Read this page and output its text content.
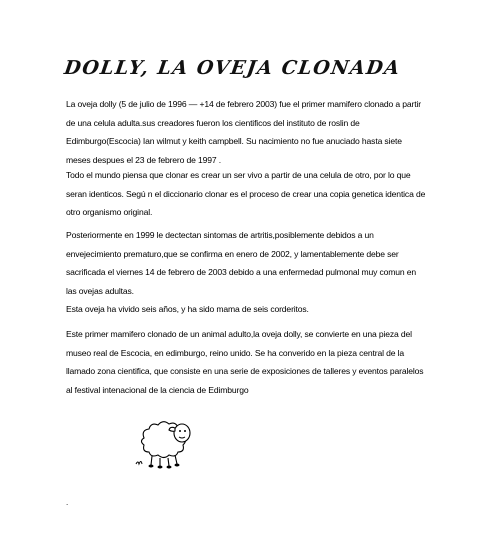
DOLLY, LA OVEJA CLONADA

La oveja dolly (5 de julio de 1996 — +14 de febrero 2003) fue el primer mamifero clonado a partir de una celula adulta.sus creadores fueron los cientificos del instituto de roslin de Edimburgo(Escocia) Ian wilmut y keith campbell. Su nacimiento no fue anuciado hasta siete meses despues el 23 de febrero de 1997 .

Todo el mundo piensa que clonar es crear un ser vivo a partir de una celula de otro, por lo que seran identicos. Segú n el diccionario clonar es el proceso de crear una copia genetica identica de otro organismo original.

Posteriormente en 1999 le dectectan sintomas de artritis,posiblemente debidos a un envejecimiento prematuro,que se confirma en enero de 2002, y lamentablemente debe ser sacrificada el viernes 14 de febrero de 2003 debido a una enfermedad pulmonal muy comun en las ovejas adultas.

Esta oveja ha vivido seis años, y ha sido mama de seis corderitos.

Este primer mamifero clonado de un animal adulto,la oveja dolly, se convierte en una pieza del museo real de Escocia, en edimburgo, reino unido. Se ha converido en la pieza central de la llamado zona cientifica, que consiste en una serie de exposiciones de talleres y eventos paralelos al festival intenacional de la ciencia de Edimburgo

.
